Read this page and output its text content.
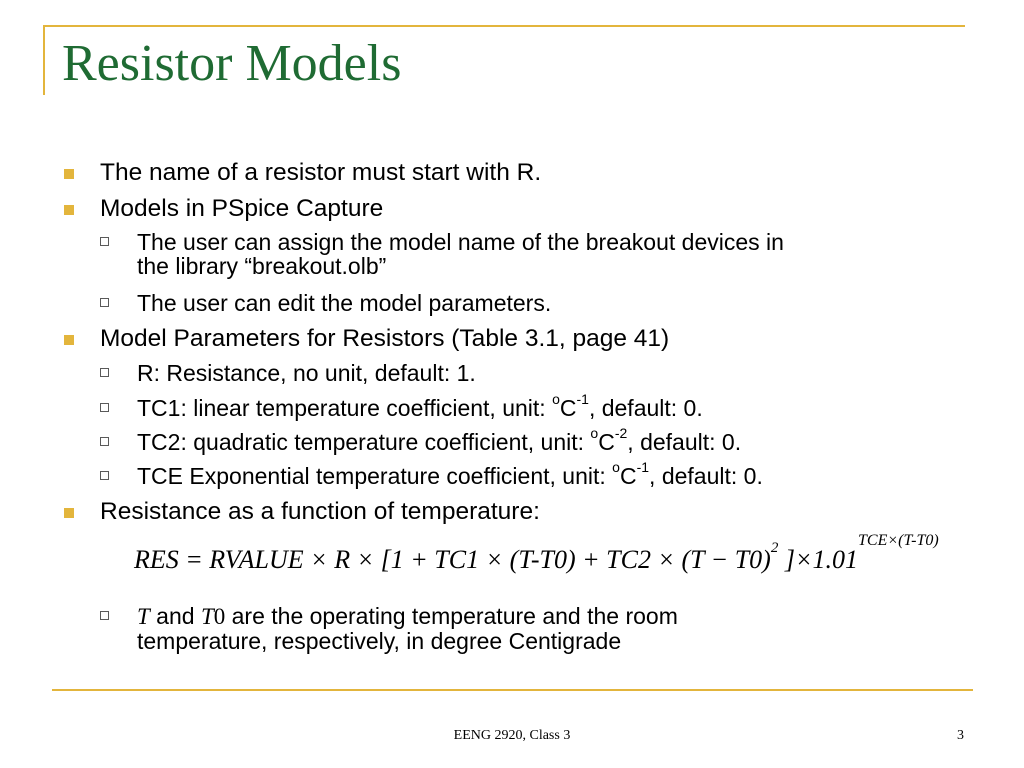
Resistor Models
The name of a resistor must start with R.
Models in PSpice Capture
The user can assign the model name of the breakout devices in
the library “breakout.olb”
The user can edit the model parameters.
Model Parameters for Resistors (Table 3.1, page 41)
R: Resistance, no unit, default: 1.
TC1: linear temperature coefficient, unit: $^oC^{-1}$, default: 0.
TC2: quadratic temperature coefficient, unit: $^oC^{-2}$, default: 0.
TCE Exponential temperature coefficient, unit: $^oC^{-1}$, default: 0.
Resistance as a function of temperature:
RES = RVALUE × $R \times [1 + TC1 \times (T-T0) + TC2 \times (T - T0)^2$ ]$\times 1.01^{TCE\times(T-T0)}$
T and T0 are the operating temperature and the room
temperature, respectively, in degree Centigrade
EENG 2920, Class 3	3
